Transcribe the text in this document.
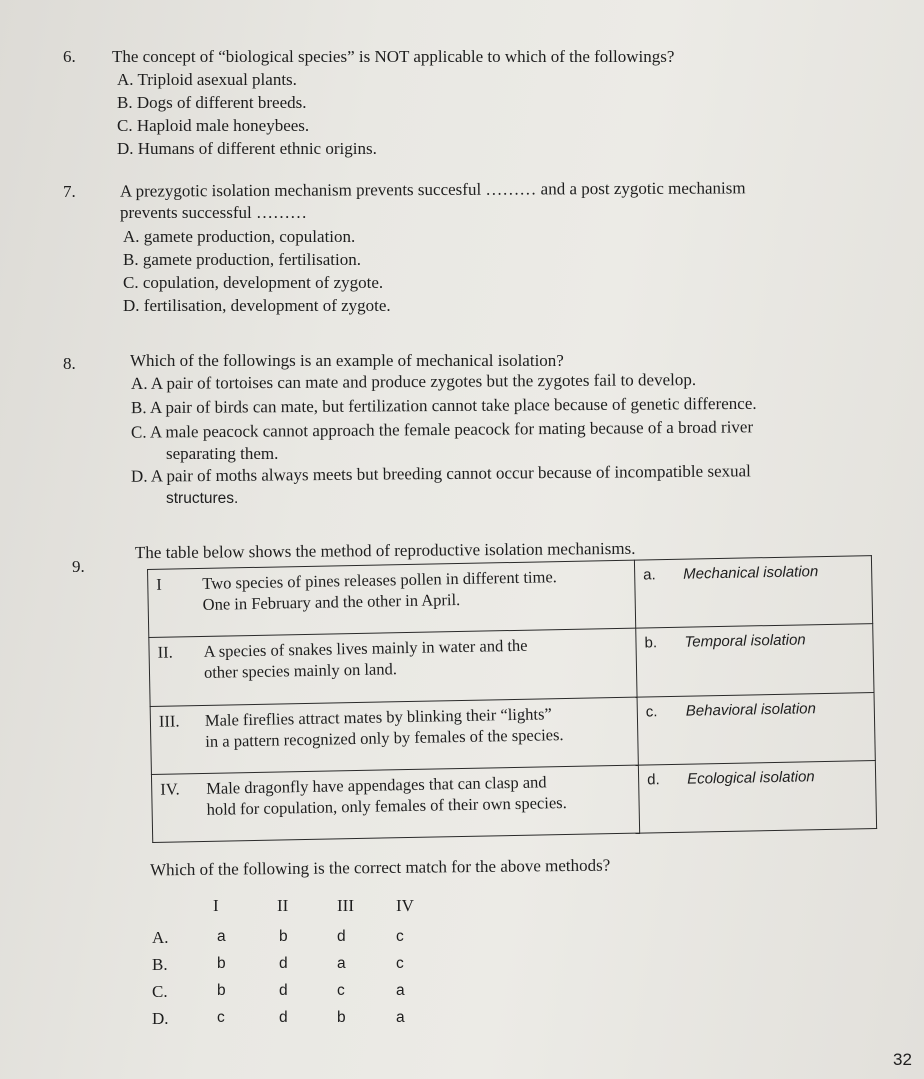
6. The concept of “biological species” is NOT applicable to which of the followings?
A. Triploid asexual plants.
B. Dogs of different breeds.
C. Haploid male honeybees.
D. Humans of different ethnic origins.
7.	A prezygotic isolation mechanism prevents succesful ……… and a post zygotic mechanism
prevents successful ………
A. gamete production, copulation.
B. gamete production, fertilisation.
C. copulation, development of zygote.
D. fertilisation, development of zygote.
8.	Which of the followings is an example of mechanical isolation?
A. A pair of tortoises can mate and produce zygotes but the zygotes fail to develop.
B. A pair of birds can mate, but fertilization cannot take place because of genetic difference.
C. A male peacock cannot approach the female peacock for mating because of a broad river
separating them.
D. A pair of moths always meets but breeding cannot occur because of incompatible sexual
structures.
9.
The table below shows the method of reproductive isolation mechanisms.
I Two species of pines releases pollen in different time.
One in February and the other in April.	a. Mechanical isolation
II. A species of snakes lives mainly in water and the
other species mainly on land.	b. Temporal isolation
III. Male fireflies attract mates by blinking their “lights”
in a pattern recognized only by females of the species.	c. Behavioral isolation
IV. Male dragonfly have appendages that can clasp and
hold for copulation, only females of their own species.	d. Ecological isolation
Which of the following is the correct match for the above methods?
I	II	III IV
A.	a	b	d	c
B.	b	d	a	c
C.	b	d	c	a
D.	c	d	b	a
32
